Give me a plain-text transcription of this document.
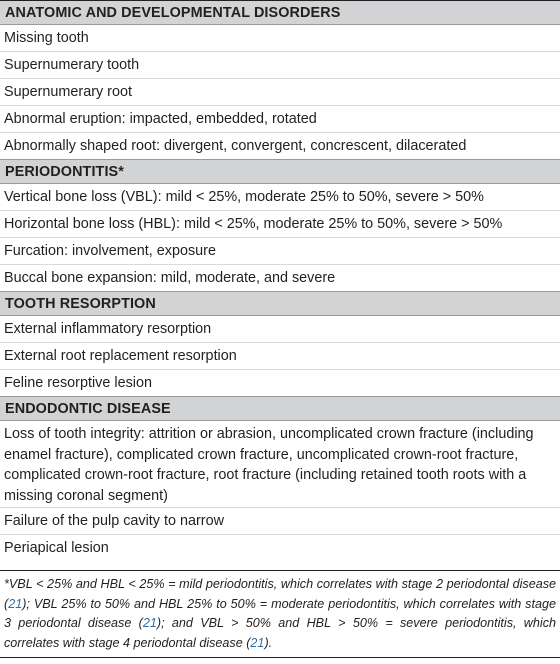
ANATOMIC AND DEVELOPMENTAL DISORDERS
Missing tooth
Supernumerary tooth
Supernumerary root
Abnormal eruption: impacted, embedded, rotated
Abnormally shaped root: divergent, convergent, concrescent, dilacerated
PERIODONTITIS*
Vertical bone loss (VBL): mild < 25%, moderate 25% to 50%, severe > 50%
Horizontal bone loss (HBL): mild < 25%, moderate 25% to 50%, severe > 50%
Furcation: involvement, exposure
Buccal bone expansion: mild, moderate, and severe
TOOTH RESORPTION
External inflammatory resorption
External root replacement resorption
Feline resorptive lesion
ENDODONTIC DISEASE
Loss of tooth integrity: attrition or abrasion, uncomplicated crown fracture (including enamel fracture), complicated crown fracture, uncomplicated crown-root fracture, complicated crown-root fracture, root fracture (including retained tooth roots with a missing coronal segment)
Failure of the pulp cavity to narrow
Periapical lesion
*VBL < 25% and HBL < 25% = mild periodontitis, which correlates with stage 2 periodontal disease (21); VBL 25% to 50% and HBL 25% to 50% = moderate periodontitis, which correlates with stage 3 periodontal disease (21); and VBL > 50% and HBL > 50% = severe periodontitis, which correlates with stage 4 periodontal disease (21).
